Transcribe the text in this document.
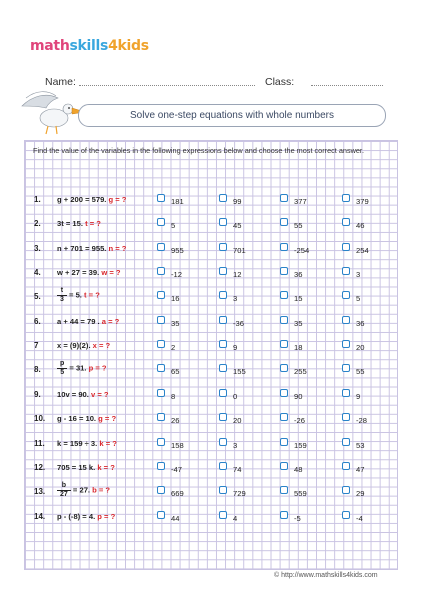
mathskills4kids
Name:	Class:
Solve one-step equations with whole numbers
Find the value of the variables in the following expressions below and choose the most correct answer.
1. g + 200 = 579. g = ?	181	99	377	379
2. 3t = 15. t = ?	5	45	55	46
3. n + 701 = 955. n = ?	955	701	-254	254
4. w + 27 = 39. w = ?	-12	12	36	3
5. $\frac{t}{3} = 5$. t = ?	16	3	15	5
6. a + 44 = 79 . a = ?	35	-36	35	36
7 x = (9)(2). x = ?	2	9	18	20
8. $\frac{p}{5} = 31$. p = ?	65	155	255	55
9. 10v = 90. v = ?	8	0	90	9
10. g - 16 = 10. g = ?	26	20	-26	-28
11. k = 159 ÷ 3. k = ?	158	3	159	53
12. 705 = 15 k. k = ?	-47	74	48	47
13. $\frac{b}{27} = 27$. b = ?	669	729	559	29
14. p - (-8) = 4. p = ?	44	4	-5	-4
© http://www.mathskills4kids.com
